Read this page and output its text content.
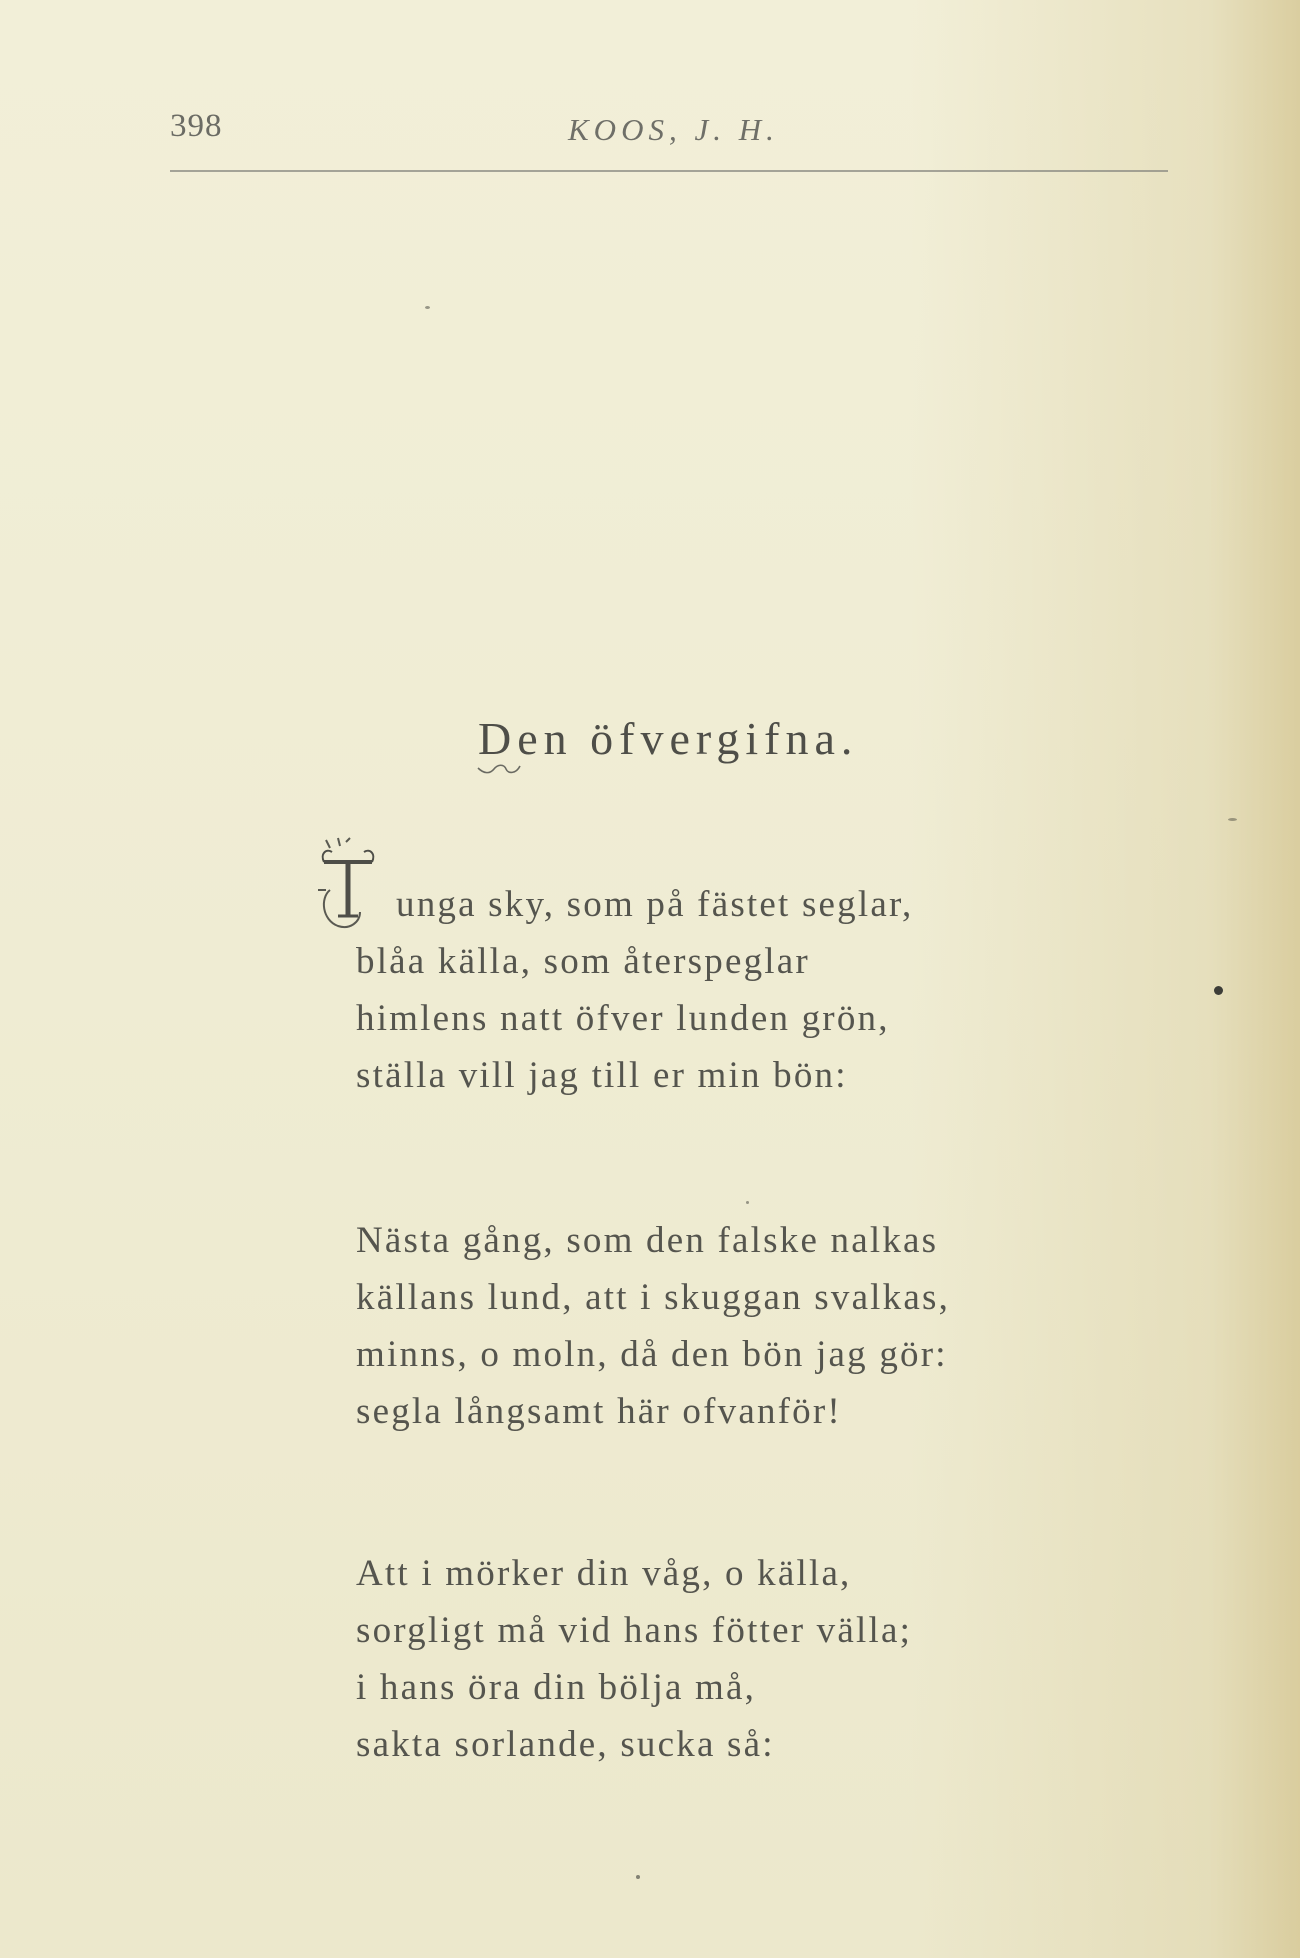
398	KOOS, J. H.
Den öfvergifna.
unga sky, som på fästet seglar,
blåa källa, som återspeglar
himlens natt öfver lunden grön,
ställa vill jag till er min bön:
Nästa gång, som den falske nalkas
källans lund, att i skuggan svalkas,
minns, o moln, då den bön jag gör:
segla långsamt här ofvanför!
Att i mörker din våg, o källa,
sorgligt må vid hans fötter välla;
i hans öra din bölja må,
sakta sorlande, sucka så:
